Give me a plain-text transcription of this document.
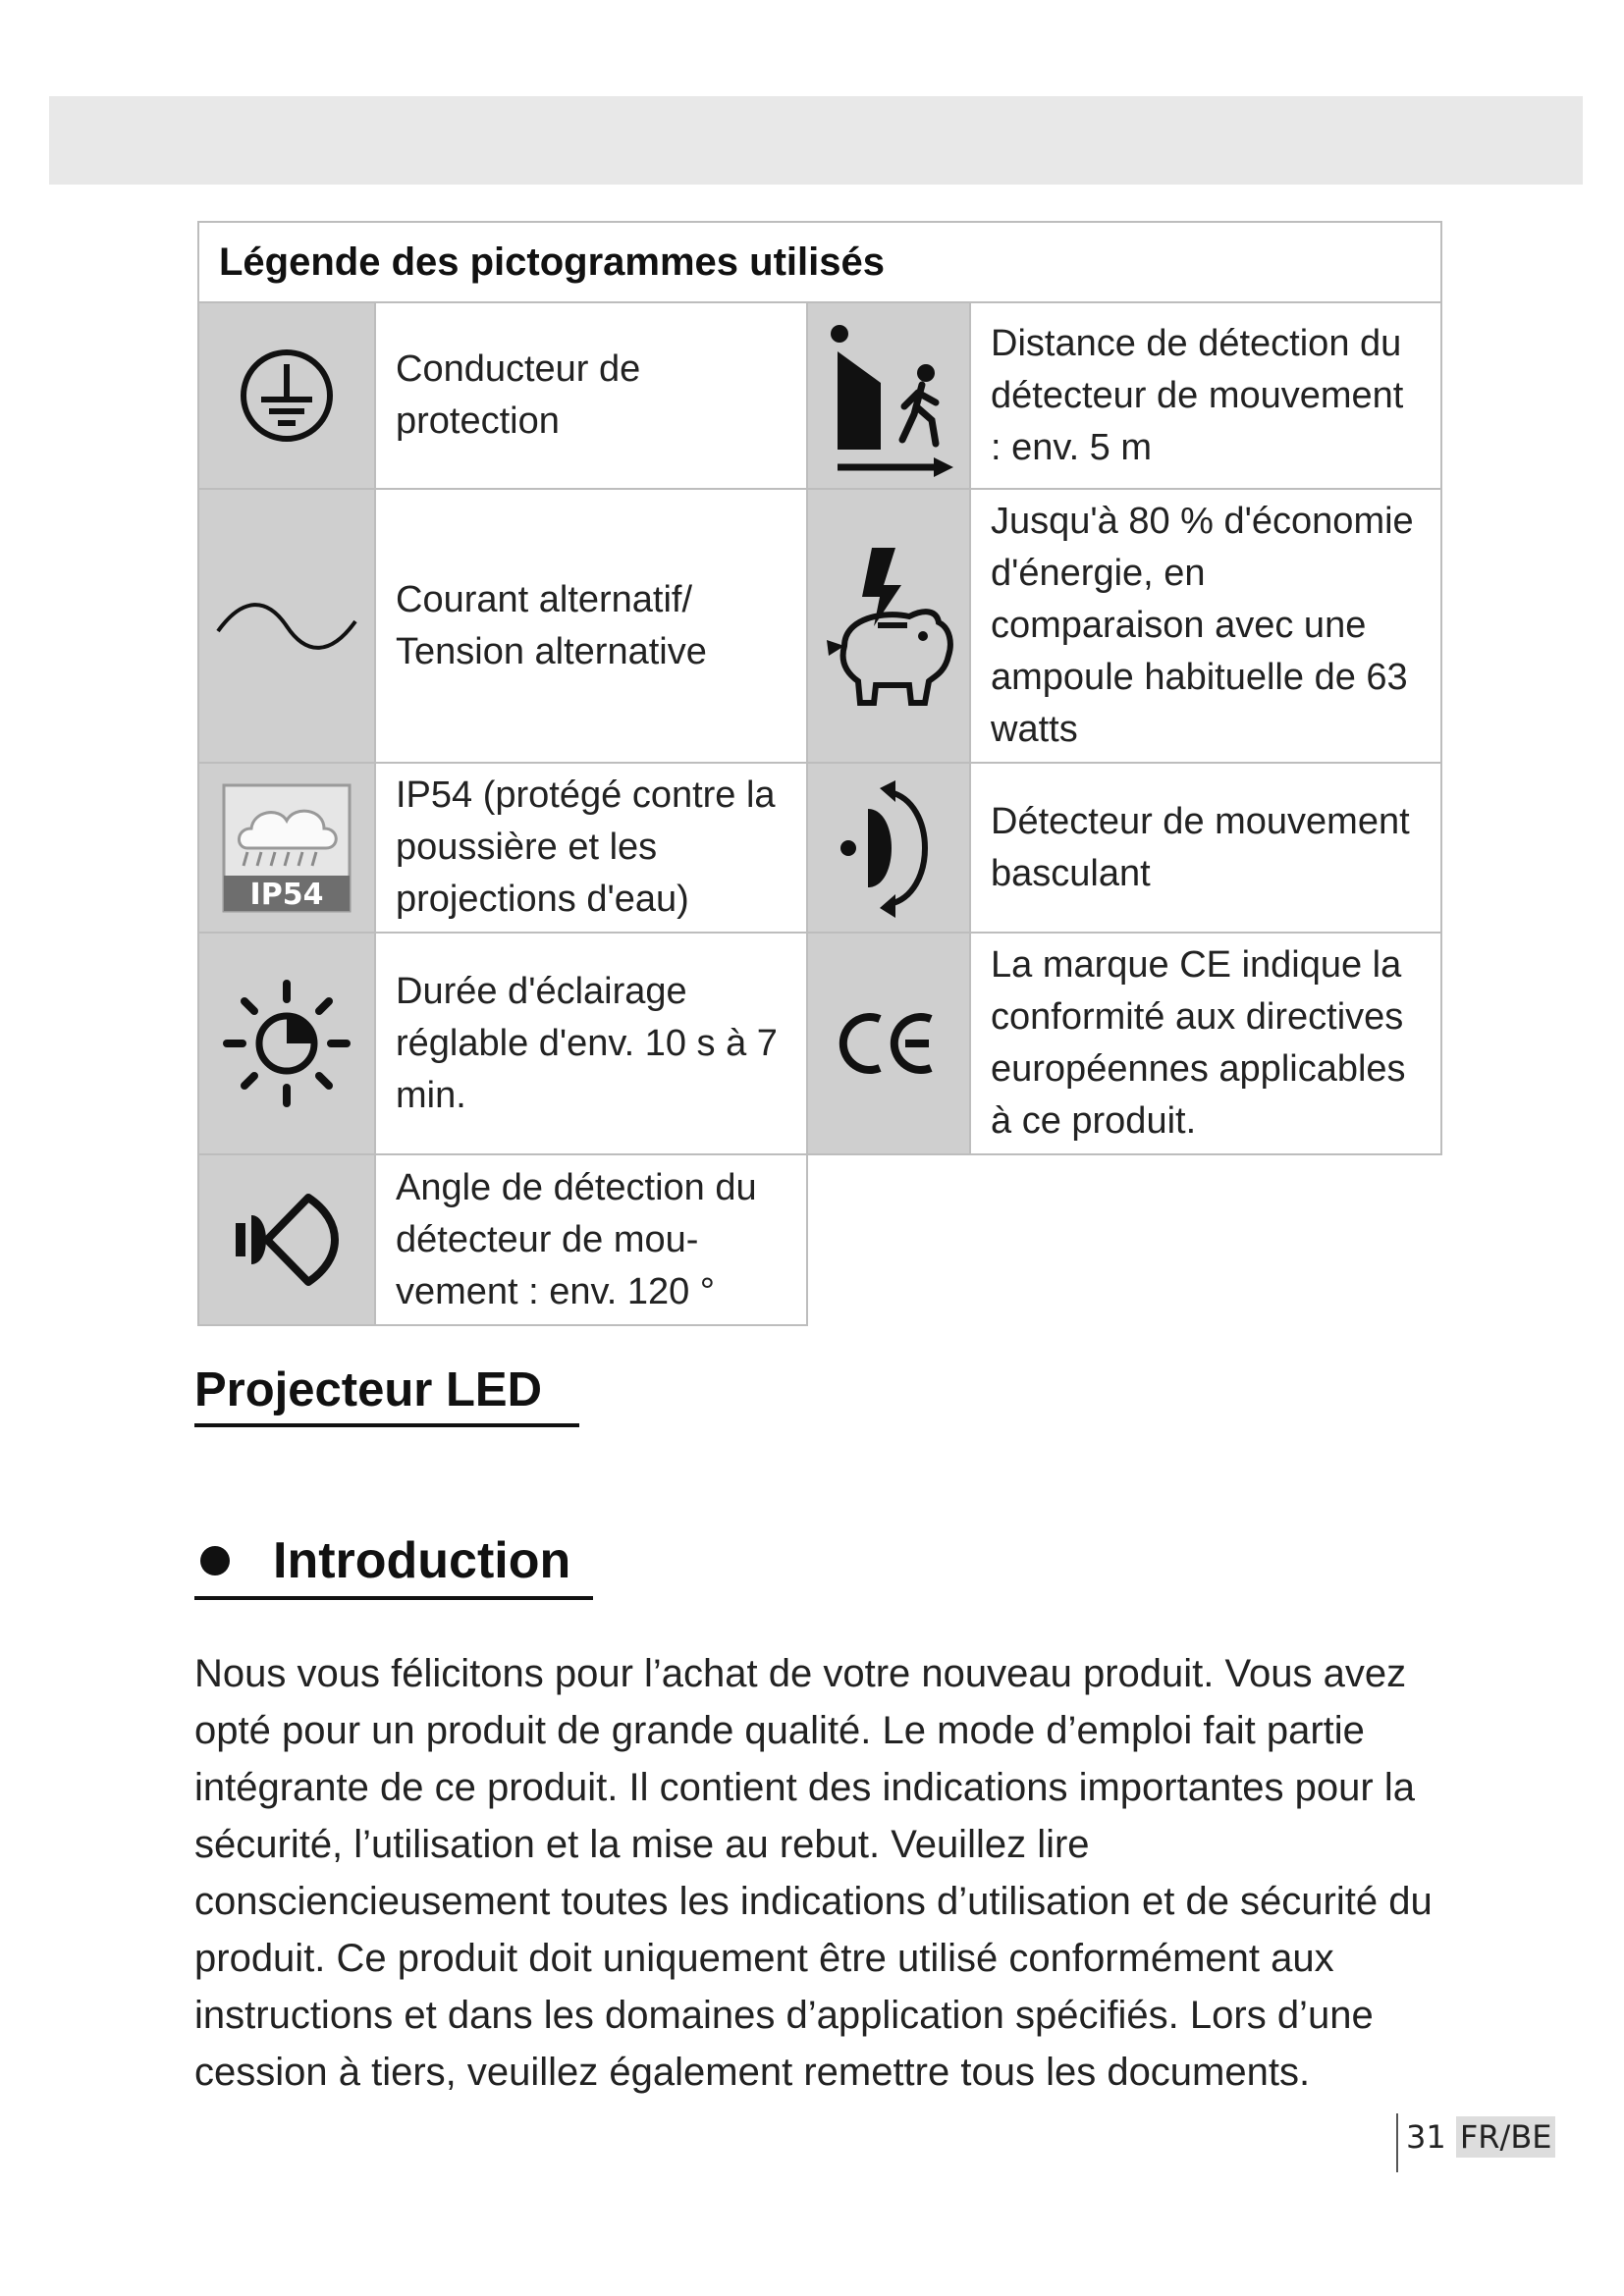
Légende des pictogrammes utilisés			

	Conducteur de protection		Distance de détection du détecteur de mouvement : env. 5 m

	Courant alternatif/ Tension alternative		Jusqu'à 80 % d'économie d'énergie, en comparaison avec une ampoule habituelle de 63 watts

IP54	IP54 (protégé contre la poussière et les projections d'eau)		Détecteur de mouvement basculant

	Durée d'éclairage réglable d'env. 10 s à 7 min.		La marque CE indique la conformité aux directives européennes applicables à ce produit.

	Angle de détection du détecteur de mou-vement : env. 120 °		
Projecteur LED
Introduction

Nous vous félicitons pour l’achat de votre nouveau produit. Vous avez opté pour un produit de grande qualité. Le mode d’emploi fait partie intégrante de ce produit. Il contient des indications importantes pour la sécurité, l’utilisation et la mise au rebut. Veuillez lire consciencieusement toutes les indications d’utilisation et de sécurité du produit. Ce produit doit uniquement être utilisé conformément aux instructions et dans les domaines d’application spécifiés. Lors d’une cession à tiers, veuillez également remettre tous les documents.

31 FR/BE
